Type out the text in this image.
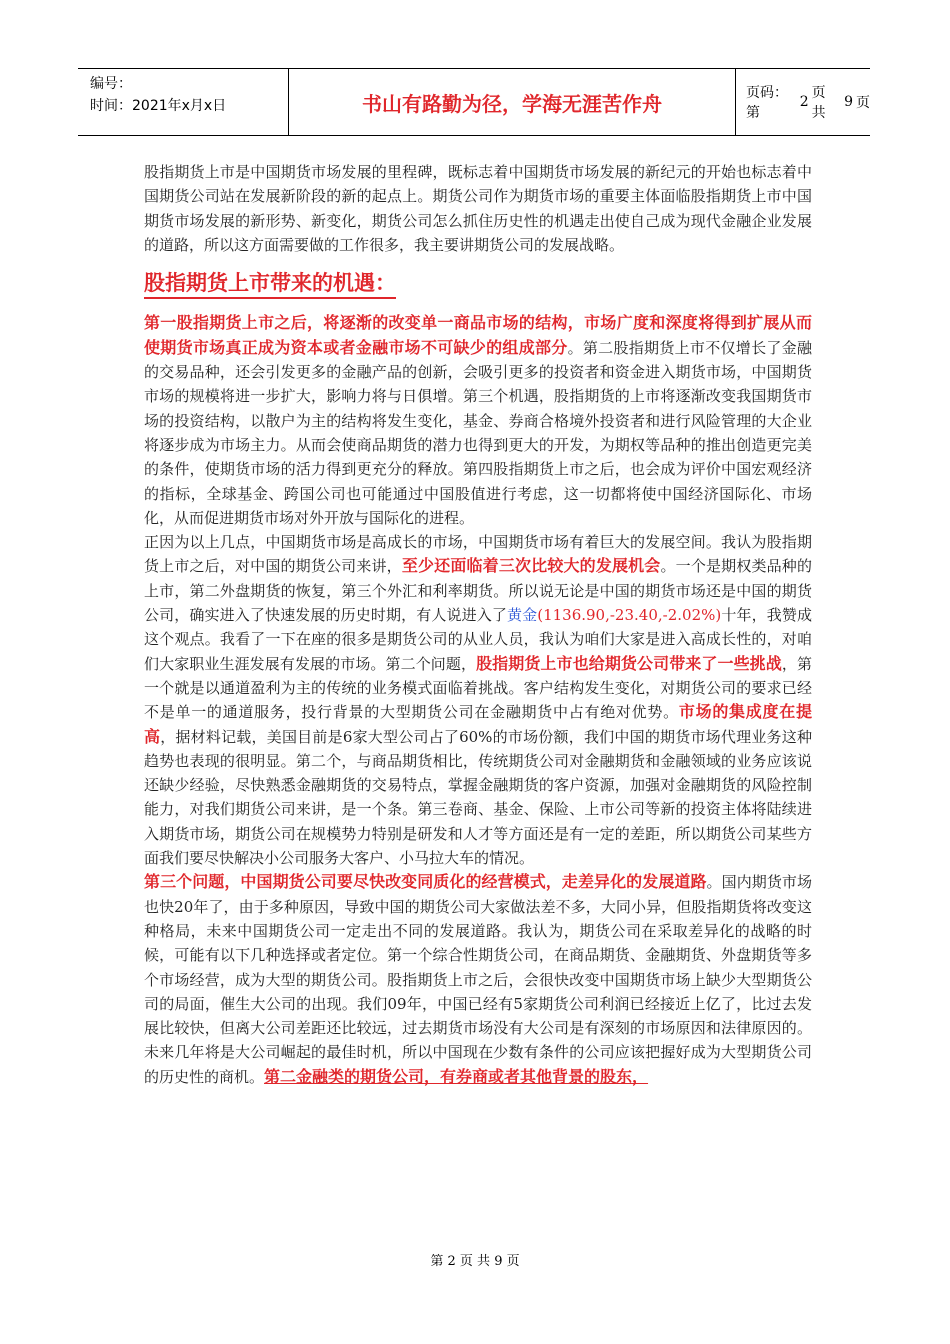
编号：
时间：2021年x月x日	书山有路勤为径，学海无涯苦作舟	页码：第
2
页 共
9 页

股指期货上市是中国期货市场发展的里程碑，既标志着中国期货市场发展的新纪元的开始也标志着中国期货公司站在发展新阶段的新的起点上。期货公司作为期货市场的重要主体面临股指期货上市中国期货市场发展的新形势、新变化，期货公司怎么抓住历史性的机遇走出使自己成为现代金融企业发展的道路，所以这方面需要做的工作很多，我主要讲期货公司的发展战略。

股指期货上市带来的机遇：

第一股指期货上市之后，将逐渐的改变单一商品市场的结构，市场广度和深度将得到扩展从而使期货市场真正成为资本或者金融市场不可缺少的组成部分。第二股指期货上市不仅增长了金融的交易品种，还会引发更多的金融产品的创新，会吸引更多的投资者和资金进入期货市场，中国期货市场的规模将进一步扩大，影响力将与日俱增。第三个机遇，股指期货的上市将逐渐改变我国期货市场的投资结构，以散户为主的结构将发生变化，基金、券商合格境外投资者和进行风险管理的大企业将逐步成为市场主力。从而会使商品期货的潜力也得到更大的开发，为期权等品种的推出创造更完美的条件，使期货市场的活力得到更充分的释放。第四股指期货上市之后，也会成为评价中国宏观经济的指标，全球基金、跨国公司也可能通过中国股值进行考虑，这一切都将使中国经济国际化、市场化，从而促进期货市场对外开放与国际化的进程。

正因为以上几点，中国期货市场是高成长的市场，中国期货市场有着巨大的发展空间。我认为股指期货上市之后，对中国的期货公司来讲，至少还面临着三次比较大的发展机会。一个是期权类品种的上市，第二外盘期货的恢复，第三个外汇和利率期货。所以说无论是中国的期货市场还是中国的期货公司，确实进入了快速发展的历史时期，有人说进入了黄金(1136.90,-23.40,-2.02%)十年，我赞成这个观点。我看了一下在座的很多是期货公司的从业人员，我认为咱们大家是进入高成长性的，对咱们大家职业生涯发展有发展的市场。第二个问题，股指期货上市也给期货公司带来了一些挑战，第一个就是以通道盈利为主的传统的业务模式面临着挑战。客户结构发生变化，对期货公司的要求已经不是单一的通道服务，投行背景的大型期货公司在金融期货中占有绝对优势。市场的集成度在提高，据材料记载，美国目前是6家大型公司占了60%的市场份额，我们中国的期货市场代理业务这种趋势也表现的很明显。第二个，与商品期货相比，传统期货公司对金融期货和金融领域的业务应该说还缺少经验，尽快熟悉金融期货的交易特点，掌握金融期货的客户资源，加强对金融期货的风险控制能力，对我们期货公司来讲，是一个条。第三卷商、基金、保险、上市公司等新的投资主体将陆续进入期货市场，期货公司在规模势力特别是研发和人才等方面还是有一定的差距，所以期货公司某些方面我们要尽快解决小公司服务大客户、小马拉大车的情况。

第三个问题，中国期货公司要尽快改变同质化的经营模式，走差异化的发展道路。国内期货市场也快20年了，由于多种原因，导致中国的期货公司大家做法差不多，大同小异，但股指期货将改变这种格局，未来中国期货公司一定走出不同的发展道路。我认为，期货公司在采取差异化的战略的时候，可能有以下几种选择或者定位。第一个综合性期货公司，在商品期货、金融期货、外盘期货等多个市场经营，成为大型的期货公司。股指期货上市之后，会很快改变中国期货市场上缺少大型期货公司的局面，催生大公司的出现。我们09年，中国已经有5家期货公司利润已经接近上亿了，比过去发展比较快，但离大公司差距还比较远，过去期货市场没有大公司是有深刻的市场原因和法律原因的。未来几年将是大公司崛起的最佳时机，所以中国现在少数有条件的公司应该把握好成为大型期货公司的历史性的商机。第二金融类的期货公司，有券商或者其他背景的股东，

第 2 页 共 9 页
